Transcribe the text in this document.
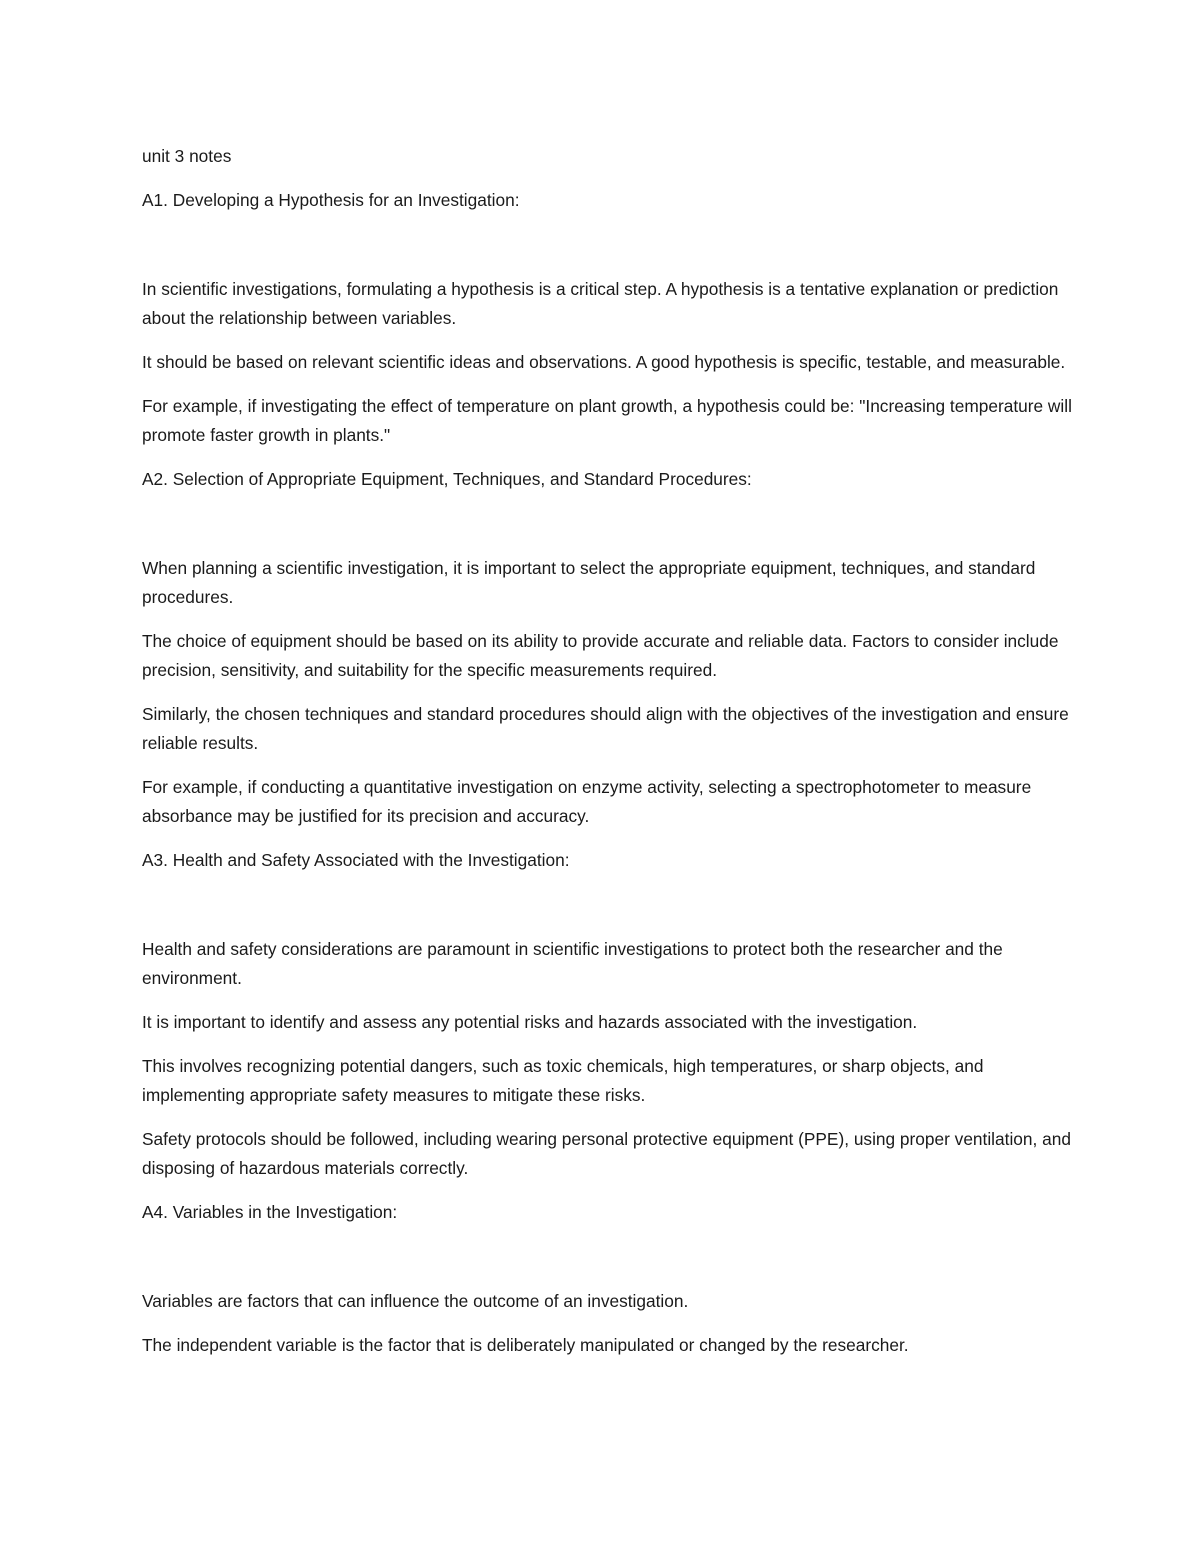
unit 3 notes

A1. Developing a Hypothesis for an Investigation:

In scientific investigations, formulating a hypothesis is a critical step. A hypothesis is a tentative explanation or prediction about the relationship between variables.

It should be based on relevant scientific ideas and observations. A good hypothesis is specific, testable, and measurable.

For example, if investigating the effect of temperature on plant growth, a hypothesis could be: "Increasing temperature will promote faster growth in plants."

A2. Selection of Appropriate Equipment, Techniques, and Standard Procedures:

When planning a scientific investigation, it is important to select the appropriate equipment, techniques, and standard procedures.

The choice of equipment should be based on its ability to provide accurate and reliable data. Factors to consider include precision, sensitivity, and suitability for the specific measurements required.

Similarly, the chosen techniques and standard procedures should align with the objectives of the investigation and ensure reliable results.

For example, if conducting a quantitative investigation on enzyme activity, selecting a spectrophotometer to measure absorbance may be justified for its precision and accuracy.

A3. Health and Safety Associated with the Investigation:

Health and safety considerations are paramount in scientific investigations to protect both the researcher and the environment.

It is important to identify and assess any potential risks and hazards associated with the investigation.

This involves recognizing potential dangers, such as toxic chemicals, high temperatures, or sharp objects, and implementing appropriate safety measures to mitigate these risks.

Safety protocols should be followed, including wearing personal protective equipment (PPE), using proper ventilation, and disposing of hazardous materials correctly.

A4. Variables in the Investigation:

Variables are factors that can influence the outcome of an investigation.

The independent variable is the factor that is deliberately manipulated or changed by the researcher.
